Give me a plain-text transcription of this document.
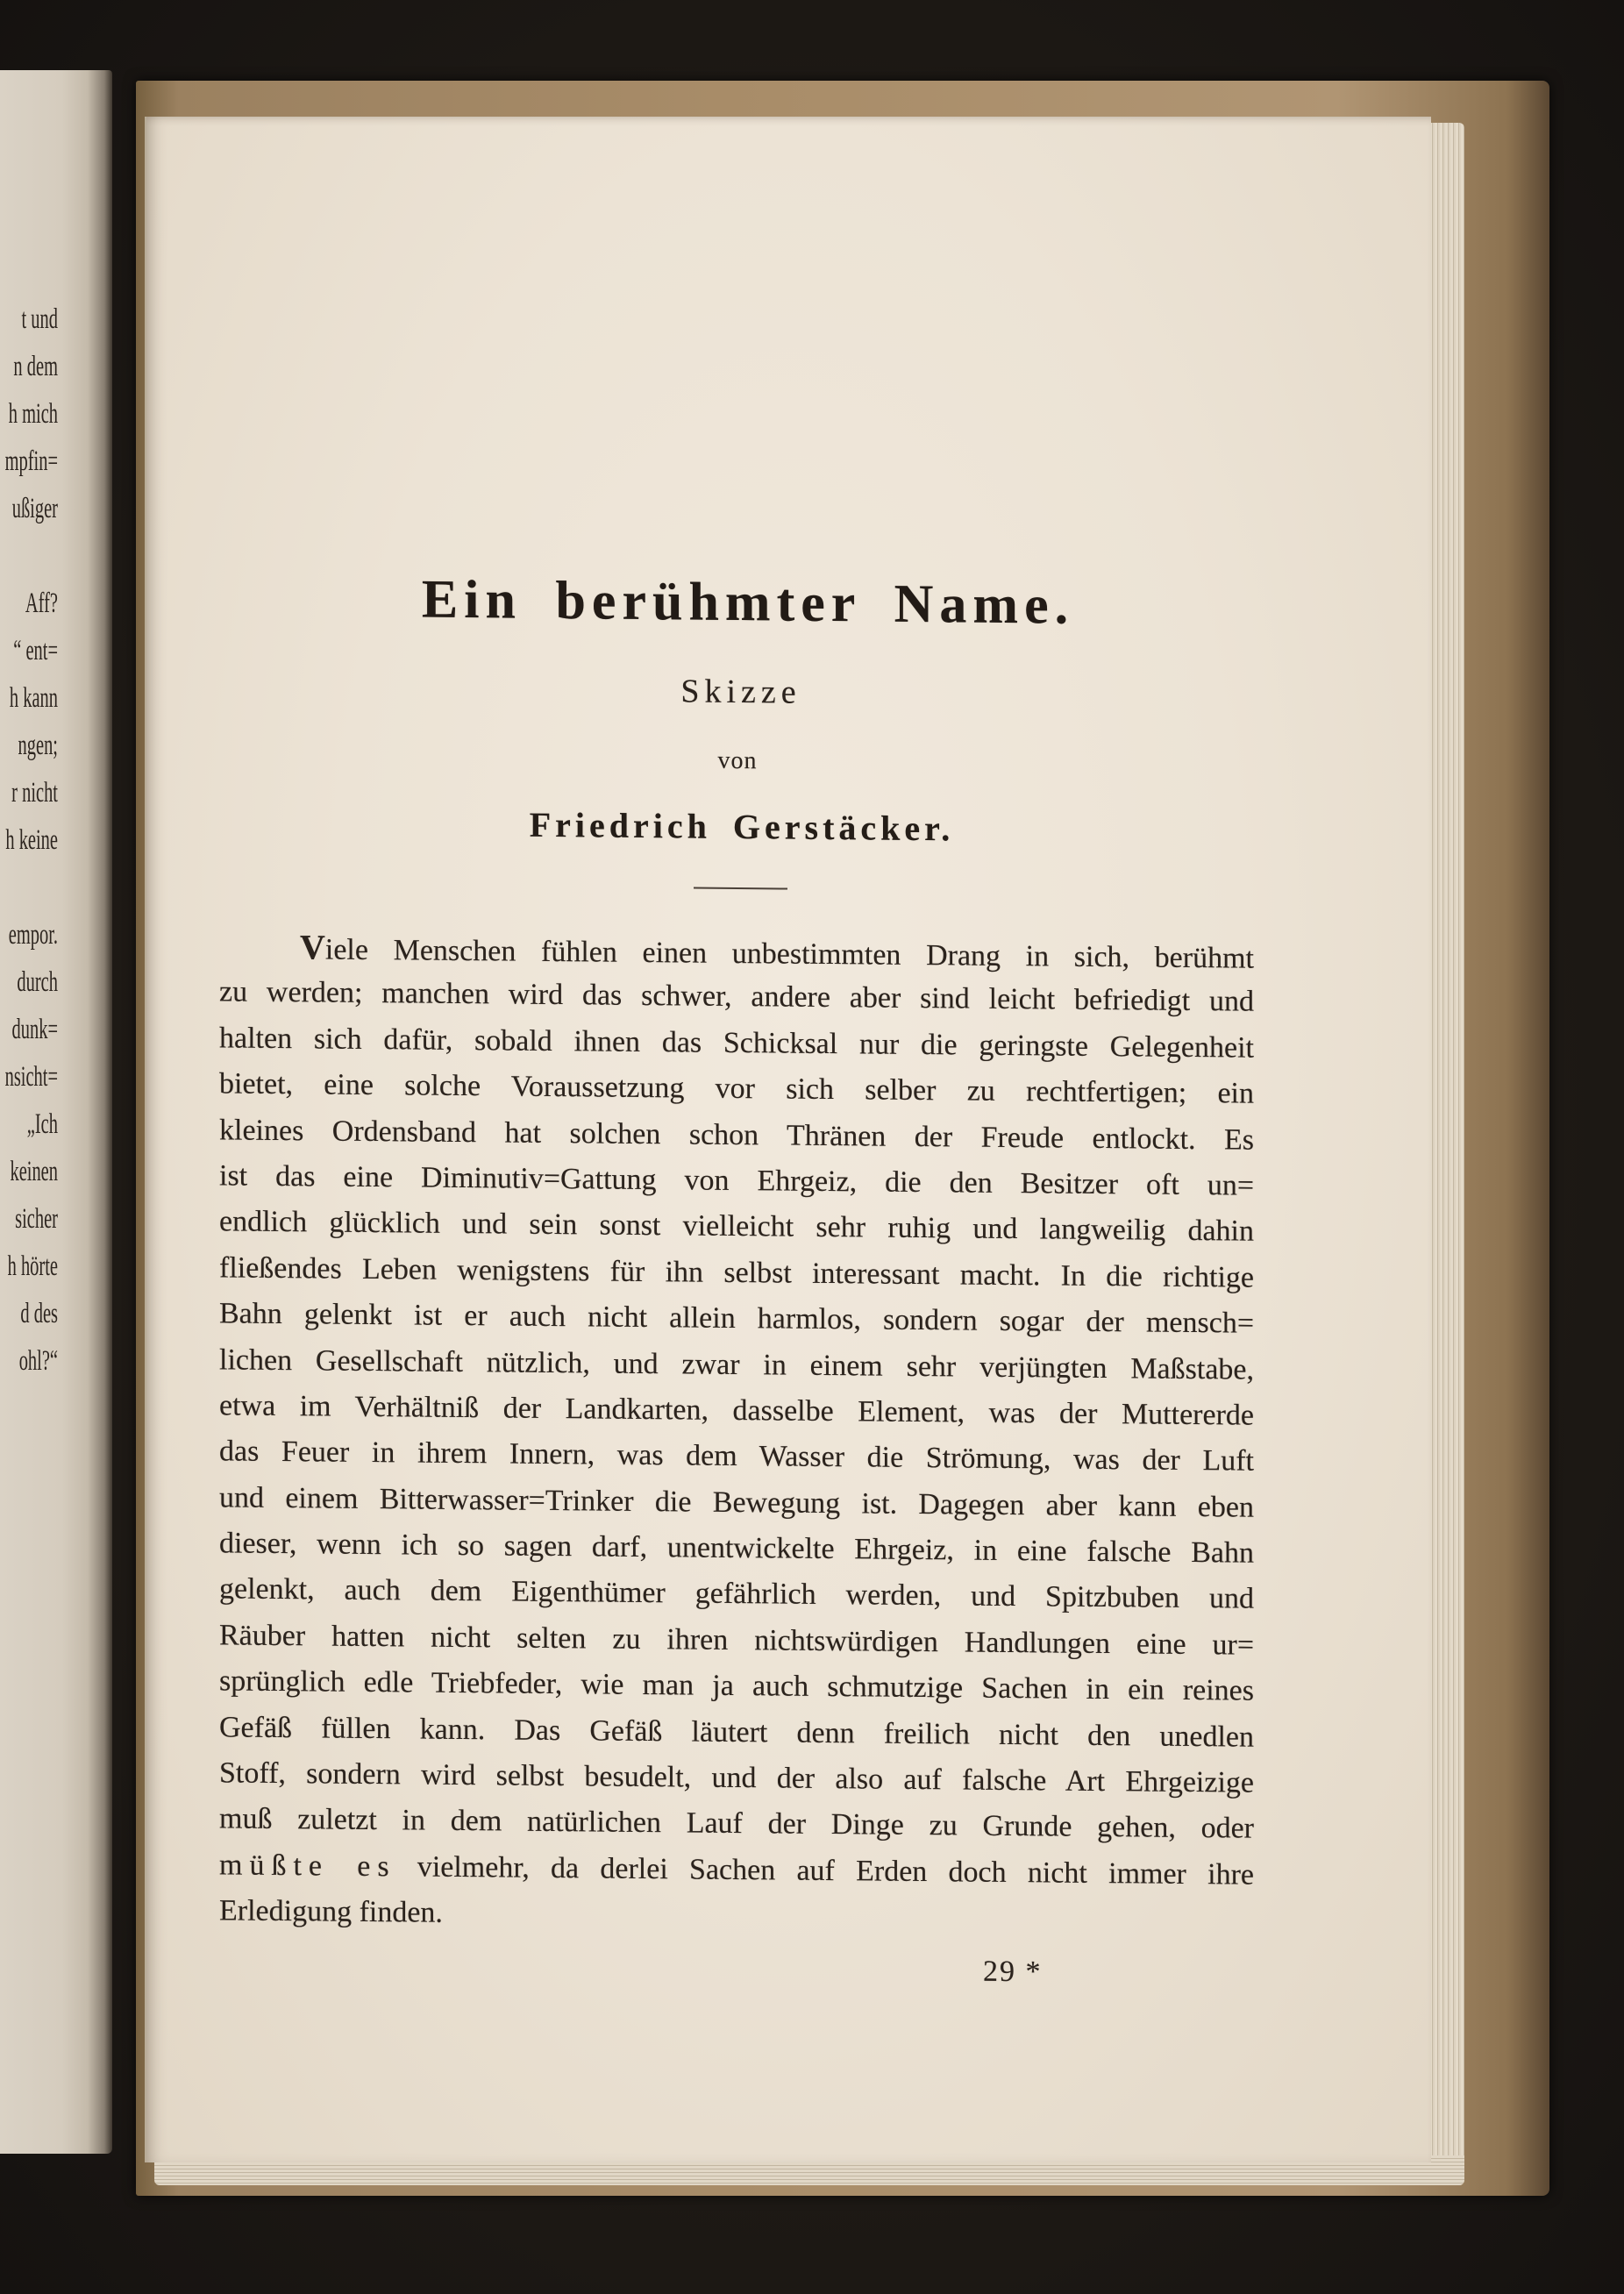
t und
n dem
h mich
mpfin=
ußiger
Aff?
“ ent=
h kann
ngen;
r nicht
h keine
empor.
durch
dunk=
nsicht=
„Ich
keinen
sicher
h hörte
d des
ohl?“
Ein berühmter Name.
Skizze
von
Friedrich Gerstäcker.
Viele Menschen fühlen einen unbestimmten Drang in sich, berühmt
zu werden; manchen wird das schwer, andere aber sind leicht befriedigt und
halten sich dafür, sobald ihnen das Schicksal nur die geringste Gelegenheit
bietet, eine solche Voraussetzung vor sich selber zu rechtfertigen; ein
kleines Ordensband hat solchen schon Thränen der Freude entlockt. Es
ist das eine Diminutiv=Gattung von Ehrgeiz, die den Besitzer oft un=
endlich glücklich und sein sonst vielleicht sehr ruhig und langweilig dahin
fließendes Leben wenigstens für ihn selbst interessant macht. In die richtige
Bahn gelenkt ist er auch nicht allein harmlos, sondern sogar der mensch=
lichen Gesellschaft nützlich, und zwar in einem sehr verjüngten Maßstabe,
etwa im Verhältniß der Landkarten, dasselbe Element, was der Muttererde
das Feuer in ihrem Innern, was dem Wasser die Strömung, was der Luft
und einem Bitterwasser=Trinker die Bewegung ist. Dagegen aber kann eben
dieser, wenn ich so sagen darf, unentwickelte Ehrgeiz, in eine falsche Bahn
gelenkt, auch dem Eigenthümer gefährlich werden, und Spitzbuben und
Räuber hatten nicht selten zu ihren nichtswürdigen Handlungen eine ur=
sprünglich edle Triebfeder, wie man ja auch schmutzige Sachen in ein reines
Gefäß füllen kann. Das Gefäß läutert denn freilich nicht den unedlen
Stoff, sondern wird selbst besudelt, und der also auf falsche Art Ehrgeizige
muß zuletzt in dem natürlichen Lauf der Dinge zu Grunde gehen, oder
müßte es vielmehr, da derlei Sachen auf Erden doch nicht immer ihre
Erledigung finden.
29 *
